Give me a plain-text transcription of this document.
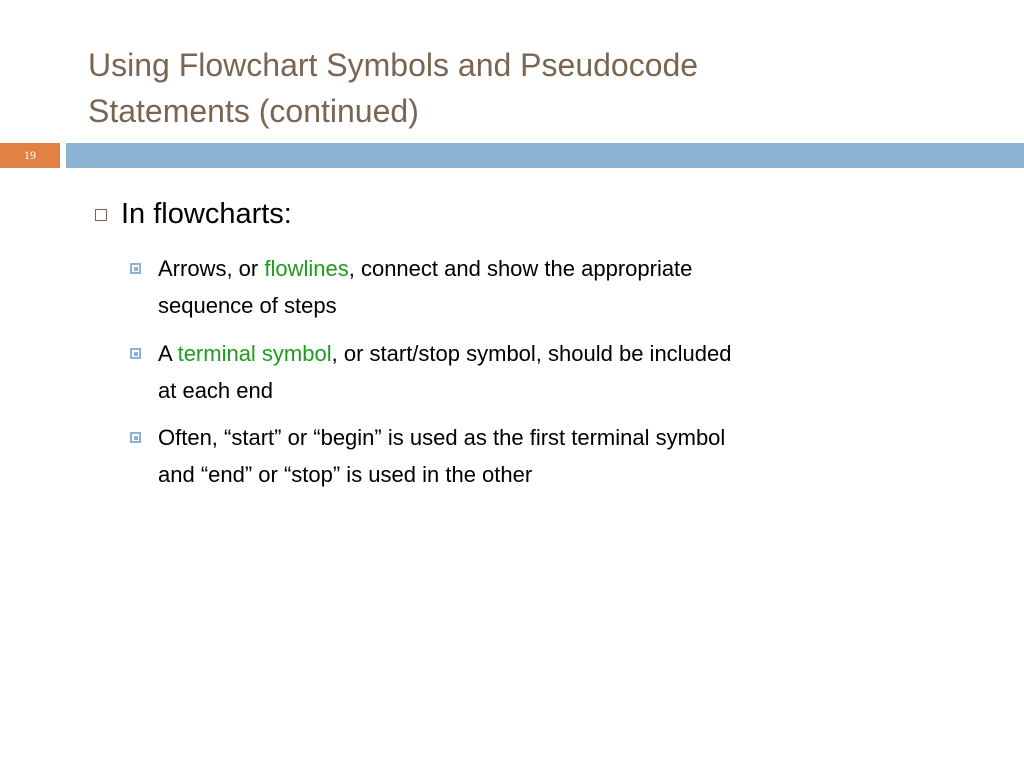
Using Flowchart Symbols and Pseudocode
Statements (continued)
19
In flowcharts:
Arrows, or flowlines, connect and show the appropriate
sequence of steps
A terminal symbol, or start/stop symbol, should be included
at each end
Often, “start” or “begin” is used as the first terminal symbol
and “end” or “stop” is used in the other
